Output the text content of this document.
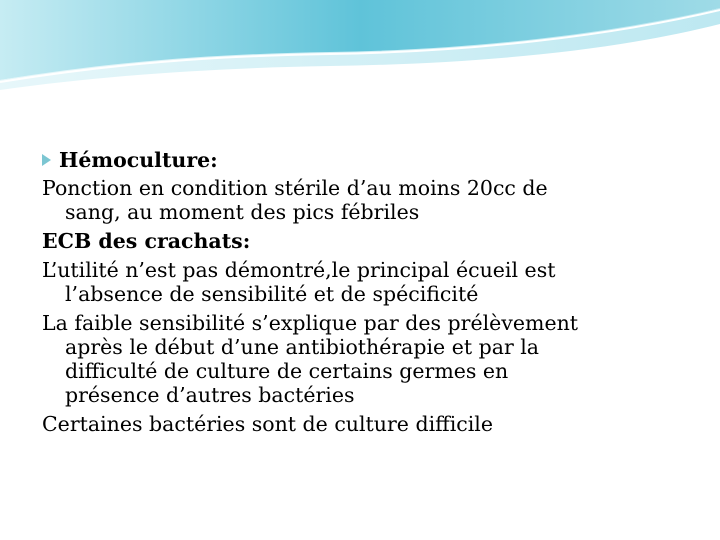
Hémoculture:
Ponction en condition stérile d’au moins 20cc de
sang, au moment des pics fébriles
ECB des crachats:
L’utilité n’est pas démontré,le principal écueil est
l’absence de sensibilité et de spécificité
La faible sensibilité s’explique par des prélèvement
après le début d’une antibiothérapie et par la
difficulté de culture de certains germes en
présence d’autres bactéries
Certaines bactéries sont de culture difficile
